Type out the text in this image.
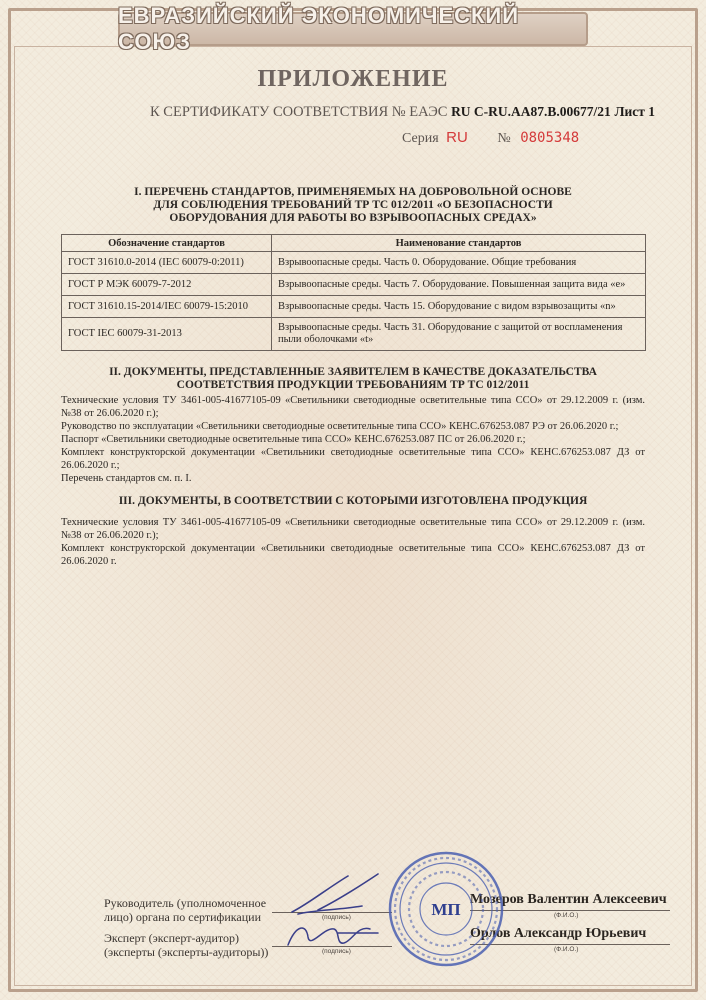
ЕВРАЗИЙСКИЙ ЭКОНОМИЧЕСКИЙ СОЮЗ
ПРИЛОЖЕНИЕ
К СЕРТИФИКАТУ СООТВЕТСТВИЯ № ЕАЭС RU C-RU.AA87.B.00677/21 Лист 1
Серия RU № 0805348
I. ПЕРЕЧЕНЬ СТАНДАРТОВ, ПРИМЕНЯЕМЫХ НА ДОБРОВОЛЬНОЙ ОСНОВЕ
ДЛЯ СОБЛЮДЕНИЯ ТРЕБОВАНИЙ ТР ТС 012/2011 «О БЕЗОПАСНОСТИ
ОБОРУДОВАНИЯ ДЛЯ РАБОТЫ ВО ВЗРЫВООПАСНЫХ СРЕДАХ»
Обозначение стандартов	Наименование стандартов
ГОСТ 31610.0-2014 (IEC 60079-0:2011)	Взрывоопасные среды. Часть 0. Оборудование. Общие требования
ГОСТ Р МЭК 60079-7-2012	Взрывоопасные среды. Часть 7. Оборудование. Повышенная защита вида «е»
ГОСТ 31610.15-2014/IEC 60079-15:2010	Взрывоопасные среды. Часть 15. Оборудование с видом взрывозащиты «n»
ГОСТ IEC 60079-31-2013	Взрывоопасные среды. Часть 31. Оборудование с защитой от воспламенения пыли оболочками «t»
II. ДОКУМЕНТЫ, ПРЕДСТАВЛЕННЫЕ ЗАЯВИТЕЛЕМ В КАЧЕСТВЕ ДОКАЗАТЕЛЬСТВА
СООТВЕТСТВИЯ ПРОДУКЦИИ ТРЕБОВАНИЯМ ТР ТС 012/2011

Технические условия ТУ 3461-005-41677105-09 «Светильники светодиодные осветительные типа ССО» от 29.12.2009 г. (изм. №38 от 26.06.2020 г.);

Руководство по эксплуатации «Светильники светодиодные осветительные типа ССО» КЕНС.676253.087 РЭ от 26.06.2020 г.;

Паспорт «Светильники светодиодные осветительные типа ССО» КЕНС.676253.087 ПС от 26.06.2020 г.;

Комплект конструкторской документации «Светильники светодиодные осветительные типа ССО» КЕНС.676253.087 ДЗ от 26.06.2020 г.;

Перечень стандартов см. п. I.

III. ДОКУМЕНТЫ, В СООТВЕТСТВИИ С КОТОРЫМИ ИЗГОТОВЛЕНА ПРОДУКЦИЯ

Технические условия ТУ 3461-005-41677105-09 «Светильники светодиодные осветительные типа ССО» от 29.12.2009 г. (изм. №38 от 26.06.2020 г.);

Комплект конструкторской документации «Светильники светодиодные осветительные типа ССО» КЕНС.676253.087 ДЗ от 26.06.2020 г.

Руководитель (уполномоченное
лицо) органа по сертификации	(подпись)
Мозеров Валентин Алексеевич
(Ф.И.О.)
Эксперт (эксперт-аудитор)
(эксперты (эксперты-аудиторы))	(подпись)
Орлов Александр Юрьевич
(Ф.И.О.)
МП
